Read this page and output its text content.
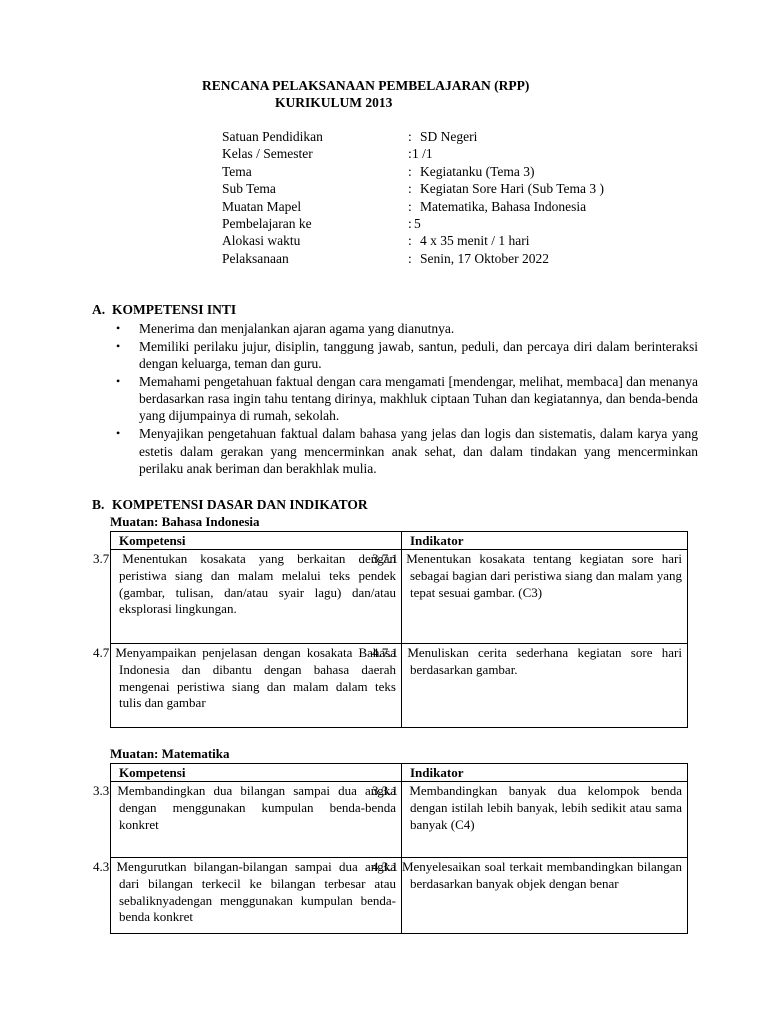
RENCANA PELAKSANAAN PEMBELAJARAN (RPP)
KURIKULUM 2013
Satuan Pendidikan	: SD Negeri
Kelas / Semester	: 1 /1
Tema	: Kegiatanku (Tema 3)
Sub Tema	: Kegiatan Sore Hari (Sub Tema 3 )
Muatan Mapel	: Matematika, Bahasa Indonesia
Pembelajaran ke	: 5
Alokasi waktu	: 4 x 35 menit / 1 hari
Pelaksanaan	: Senin, 17 Oktober 2022
A. KOMPETENSI INTI
• Menerima dan menjalankan ajaran agama yang dianutnya.
• Memiliki perilaku jujur, disiplin, tanggung jawab, santun, peduli, dan percaya diri dalam berinteraksi dengan keluarga, teman dan guru.
• Memahami pengetahuan faktual dengan cara mengamati [mendengar, melihat, membaca] dan menanya berdasarkan rasa ingin tahu tentang dirinya, makhluk ciptaan Tuhan dan kegiatannya, dan benda-benda yang dijumpainya di rumah, sekolah.
• Menyajikan pengetahuan faktual dalam bahasa yang jelas dan logis dan sistematis, dalam karya yang estetis dalam gerakan yang mencerminkan anak sehat, dan dalam tindakan yang mencerminkan perilaku anak beriman dan berakhlak mulia.
B. KOMPETENSI DASAR DAN INDIKATOR
Muatan: Bahasa Indonesia
Kompetensi	Indikator
3.7 Menentukan kosakata yang berkaitan dengan peristiwa siang dan malam melalui teks pendek (gambar, tulisan, dan/atau syair lagu) dan/atau eksplorasi lingkungan.	3.7.1 Menentukan kosakata tentang kegiatan sore hari sebagai bagian dari peristiwa siang dan malam yang tepat sesuai gambar. (C3)
4.7 Menyampaikan penjelasan dengan kosakata Bahasa Indonesia dan dibantu dengan bahasa daerah mengenai peristiwa siang dan malam dalam teks tulis dan gambar	4.7.1 Menuliskan cerita sederhana kegiatan sore hari berdasarkan gambar.
Muatan: Matematika
Kompetensi	Indikator
3.3 Membandingkan dua bilangan sampai dua angka dengan menggunakan kumpulan benda-benda konkret	3.3.1 Membandingkan banyak dua kelompok benda dengan istilah lebih banyak, lebih sedikit atau sama banyak (C4)
4.3 Mengurutkan bilangan-bilangan sampai dua angka dari bilangan terkecil ke bilangan terbesar atau sebaliknyadengan menggunakan kumpulan benda- benda konkret	4.3.1 Menyelesaikan soal terkait membandingkan bilangan berdasarkan banyak objek dengan benar
